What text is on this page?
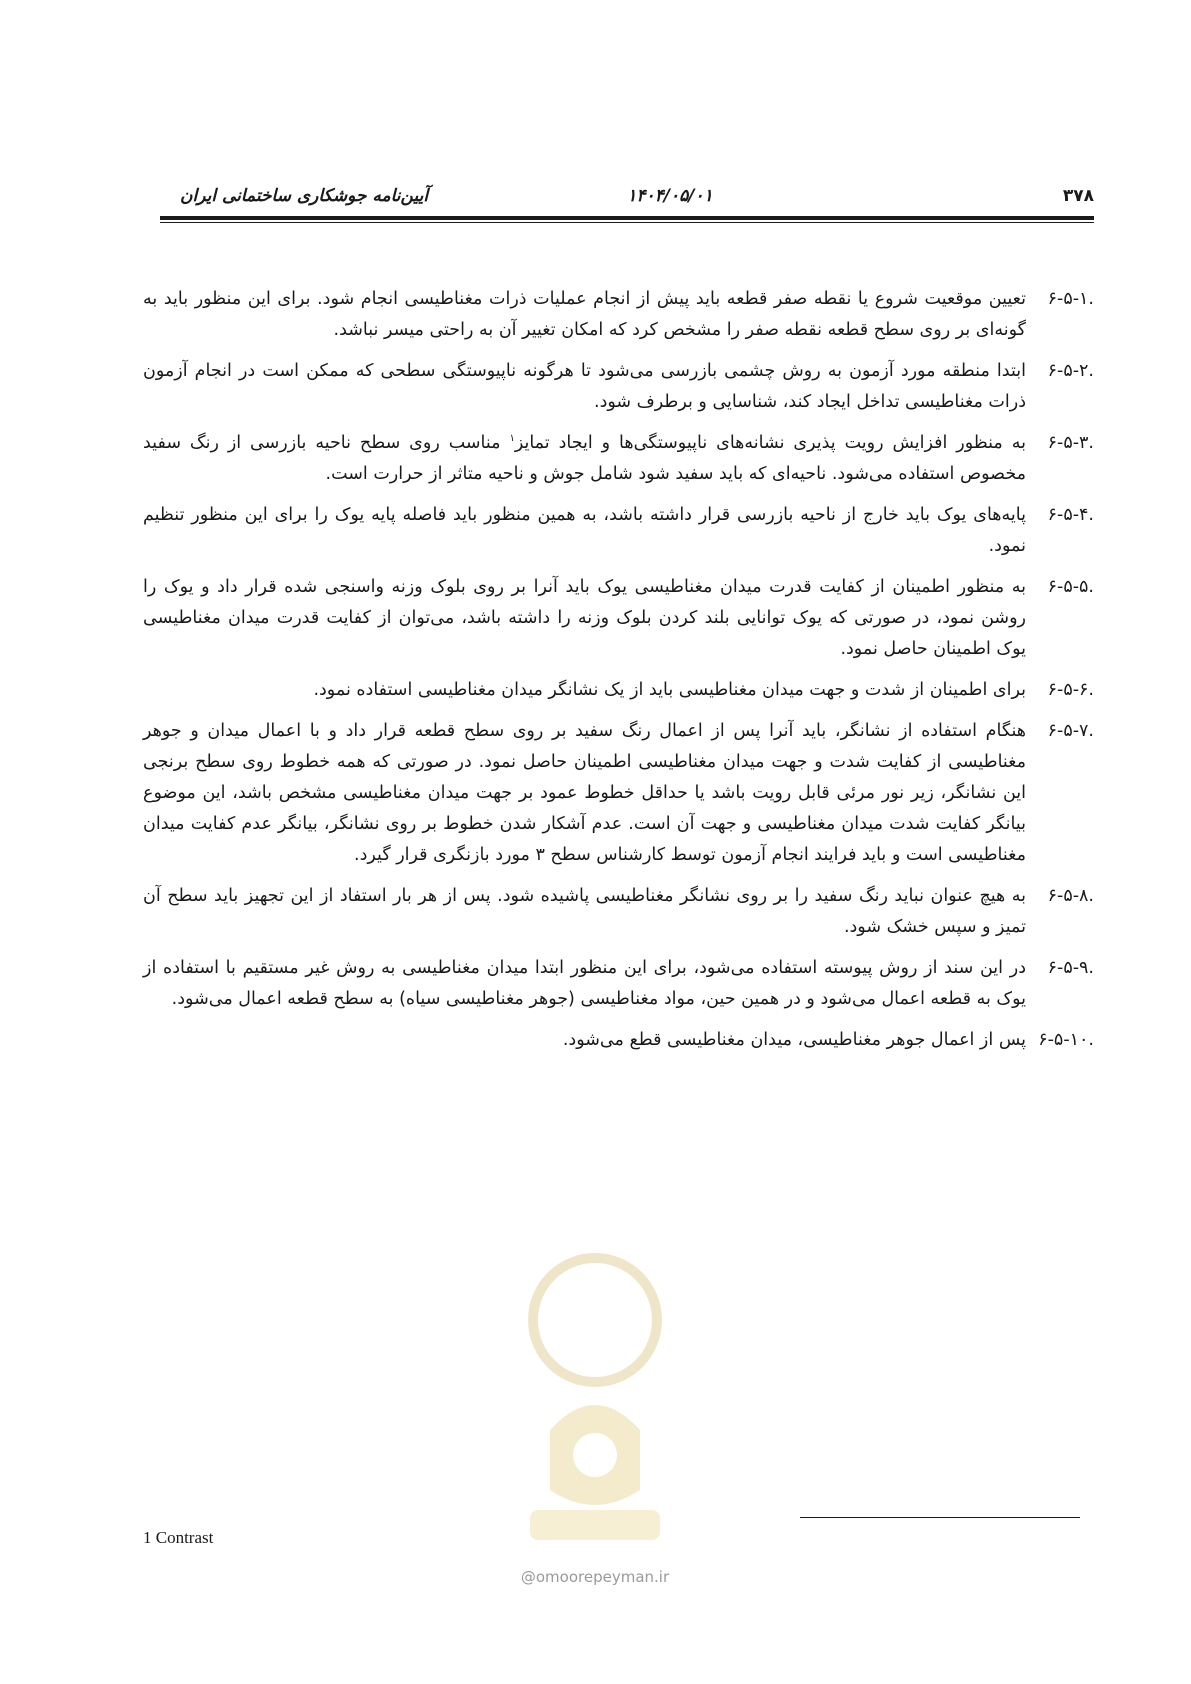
آیین‌نامه جوشکاری ساختمانی ایران	۱۴۰۴/۰۵/۰۱	۳۷۸
۶-۵-۱.
تعیین موقعیت شروع یا نقطه صفر قطعه باید پیش از انجام عملیات ذرات مغناطیسی انجام شود. برای این منظور باید به گونه‌ای بر روی سطح قطعه نقطه صفر را مشخص کرد که امکان تغییر آن به راحتی میسر نباشد.
۶-۵-۲.
ابتدا منطقه مورد آزمون به روش چشمی بازرسی می‌شود تا هرگونه ناپیوستگی سطحی که ممکن است در انجام آزمون ذرات مغناطیسی تداخل ایجاد کند، شناسایی و برطرف شود.
۶-۵-۳.
به منظور افزایش رویت پذیری نشانه‌های ناپیوستگی‌ها و ایجاد تمایز$^۱$ مناسب روی سطح ناحیه بازرسی از رنگ سفید مخصوص استفاده می‌شود. ناحیه‌ای که باید سفید شود شامل جوش و ناحیه متاثر از حرارت است.
۶-۵-۴.
پایه‌های یوک باید خارج از ناحیه بازرسی قرار داشته باشد، به همین منظور باید فاصله پایه یوک را برای این منظور تنظیم نمود.
۶-۵-۵.
به منظور اطمینان از کفایت قدرت میدان مغناطیسی یوک باید آنرا بر روی بلوک وزنه واسنجی شده قرار داد و یوک را روشن نمود، در صورتی که یوک توانایی بلند کردن بلوک وزنه را داشته باشد، می‌توان از کفایت قدرت میدان مغناطیسی یوک اطمینان حاصل نمود.
۶-۵-۶.
برای اطمینان از شدت و جهت میدان مغناطیسی باید از یک نشانگر میدان مغناطیسی استفاده نمود.
۶-۵-۷.
هنگام استفاده از نشانگر، باید آنرا پس از اعمال رنگ سفید بر روی سطح قطعه قرار داد و با اعمال میدان و جوهر مغناطیسی از کفایت شدت و جهت میدان مغناطیسی اطمینان حاصل نمود. در صورتی که همه خطوط روی سطح برنجی این نشانگر، زیر نور مرئی قابل رویت باشد یا حداقل خطوط عمود بر جهت میدان مغناطیسی مشخص باشد، این موضوع بیانگر کفایت شدت میدان مغناطیسی و جهت آن است. عدم آشکار شدن خطوط بر روی نشانگر، بیانگر عدم کفایت میدان مغناطیسی است و باید فرایند انجام آزمون توسط کارشناس سطح ۳ مورد بازنگری قرار گیرد.
۶-۵-۸.
به هیچ عنوان نباید رنگ سفید را بر روی نشانگر مغناطیسی پاشیده شود. پس از هر بار استفاد از این تجهیز باید سطح آن تمیز و سپس خشک شود.
۶-۵-۹.
در این سند از روش پیوسته استفاده می‌شود، برای این منظور ابتدا میدان مغناطیسی به روش غیر مستقیم با استفاده از یوک به قطعه اعمال می‌شود و در همین حین، مواد مغناطیسی (جوهر مغناطیسی سیاه) به سطح قطعه اعمال می‌شود.
۶-۵-۱۰.
پس از اعمال جوهر مغناطیسی، میدان مغناطیسی قطع می‌شود.
@omoorepeyman.ir
1 Contrast
